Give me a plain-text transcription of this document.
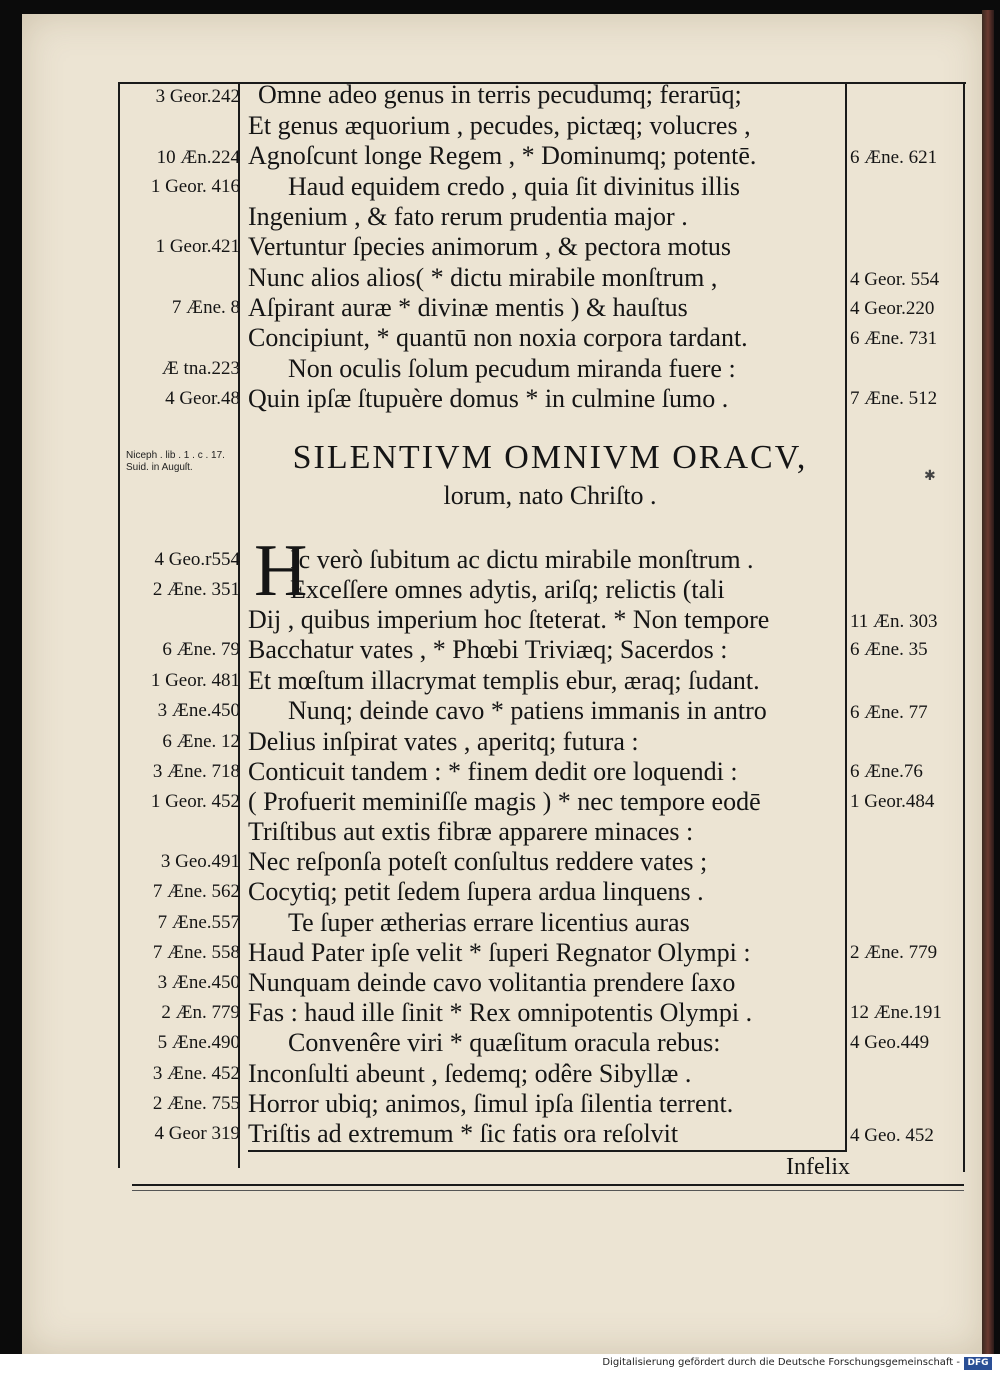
Omne adeo genus in terris pecudumq; ferarūq;
Et genus æquorium , pecudes, pictæq; volucres ,
Agnoſcunt longe Regem , * Dominumq; potentē.
Haud equidem credo , quia ſit divinitus illis
Ingenium , & fato rerum prudentia major .
Vertuntur ſpecies animorum , & pectora motus
Nunc alios alios( * dictu mirabile monſtrum ,
Aſpirant auræ * divinæ mentis ) & hauſtus
Concipiunt, * quantū non noxia corpora tardant.
Non oculis ſolum pecudum miranda fuere :
Quin ipſæ ſtupuère domus * in culmine ſumo .
3 Geor.242
10 Æn.224
1 Geor. 416
1 Geor.421
7 Æne. 8
Æ tna.223
4 Geor.48
6 Æne. 621
4 Geor. 554
4 Geor.220
6 Æne. 731
7 Æne. 512
Niceph . lib . 1 . c . 17. Suid. in Auguſt.	SILENTIVM OMNIVM ORACV,
lorum, nato Chriſto .
✱
H
Ic verò ſubitum ac dictu mirabile monſtrum .
Exceſſere omnes adytis, ariſq; relictis (tali
Dij , quibus imperium hoc ſteterat. * Non tempore
Bacchatur vates , * Phœbi Triviæq; Sacerdos :
Et mœſtum illacrymat templis ebur, æraq; ſudant.
Nunq; deinde cavo * patiens immanis in antro
Delius inſpirat vates , aperitq; futura :
Conticuit tandem : * finem dedit ore loquendi :
( Profuerit meminiſſe magis ) * nec tempore eodē
Triſtibus aut extis fibræ apparere minaces :
Nec reſponſa poteſt conſultus reddere vates ;
Cocytiq; petit ſedem ſupera ardua linquens .
Te ſuper ætherias errare licentius auras
Haud Pater ipſe velit * ſuperi Regnator Olympi :
Nunquam deinde cavo volitantia prendere ſaxo
Fas : haud ille ſinit * Rex omnipotentis Olympi .
Convenêre viri * quæſitum oracula rebus:
Inconſulti abeunt , ſedemq; odêre Sibyllæ .
Horror ubiq; animos, ſimul ipſa ſilentia terrent.
Triſtis ad extremum * ſic fatis ora reſolvit
4 Geo.r554
2 Æne. 351
6 Æne. 79
1 Geor. 481
3 Æne.450
6 Æne. 12
3 Æne. 718
1 Geor. 452
3 Geo.491
7 Æne. 562
7 Æne.557
7 Æne. 558
3 Æne.450
2 Æn. 779
5 Æne.490
3 Æne. 452
2 Æne. 755
4 Geor 319
11 Æn. 303
6 Æne. 35
6 Æne. 77
6 Æne.76
1 Geor.484
2 Æne. 779
12 Æne.191
4 Geo.449
4 Geo. 452
Infelix
Digitalisierung gefördert durch die Deutsche Forschungsgemeinschaft - DFG
